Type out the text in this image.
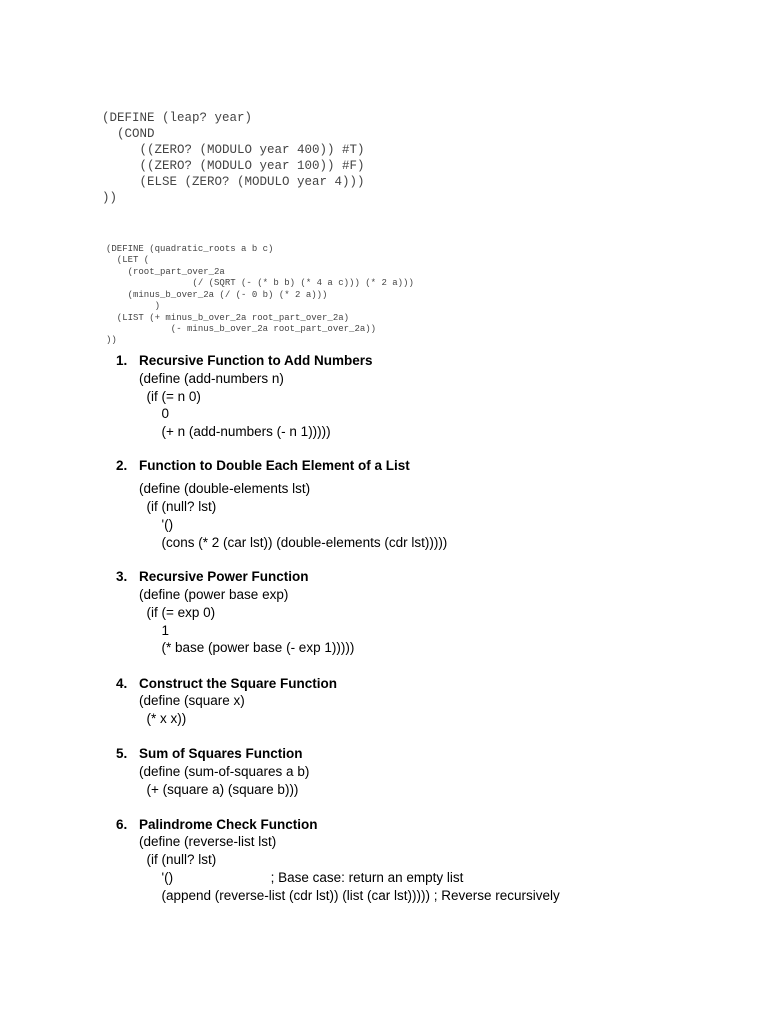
(DEFINE (leap? year)
(COND
((ZERO? (MODULO year 400)) #T)
((ZERO? (MODULO year 100)) #F)
(ELSE (ZERO? (MODULO year 4)))
))
(DEFINE (quadratic_roots a b c)
(LET (
(root_part_over_2a
(/ (SQRT (- (* b b) (* 4 a c))) (* 2 a)))
(minus_b_over_2a (/ (- 0 b) (* 2 a)))
)
(LIST (+ minus_b_over_2a root_part_over_2a)
(- minus_b_over_2a root_part_over_2a))
))
1. Recursive Function to Add Numbers
(define (add-numbers n)
(if (= n 0)
0
(+ n (add-numbers (- n 1)))))
2. Function to Double Each Element of a List
(define (double-elements lst)
(if (null? lst)
'()
(cons (* 2 (car lst)) (double-elements (cdr lst)))))
3. Recursive Power Function
(define (power base exp)
(if (= exp 0)
1
(* base (power base (- exp 1)))))
4. Construct the Square Function
(define (square x)
(* x x))
5. Sum of Squares Function
(define (sum-of-squares a b)
(+ (square a) (square b)))
6. Palindrome Check Function
(define (reverse-list lst)
(if (null? lst)
'()                          ; Base case: return an empty list
(append (reverse-list (cdr lst)) (list (car lst))))) ; Reverse recursively
